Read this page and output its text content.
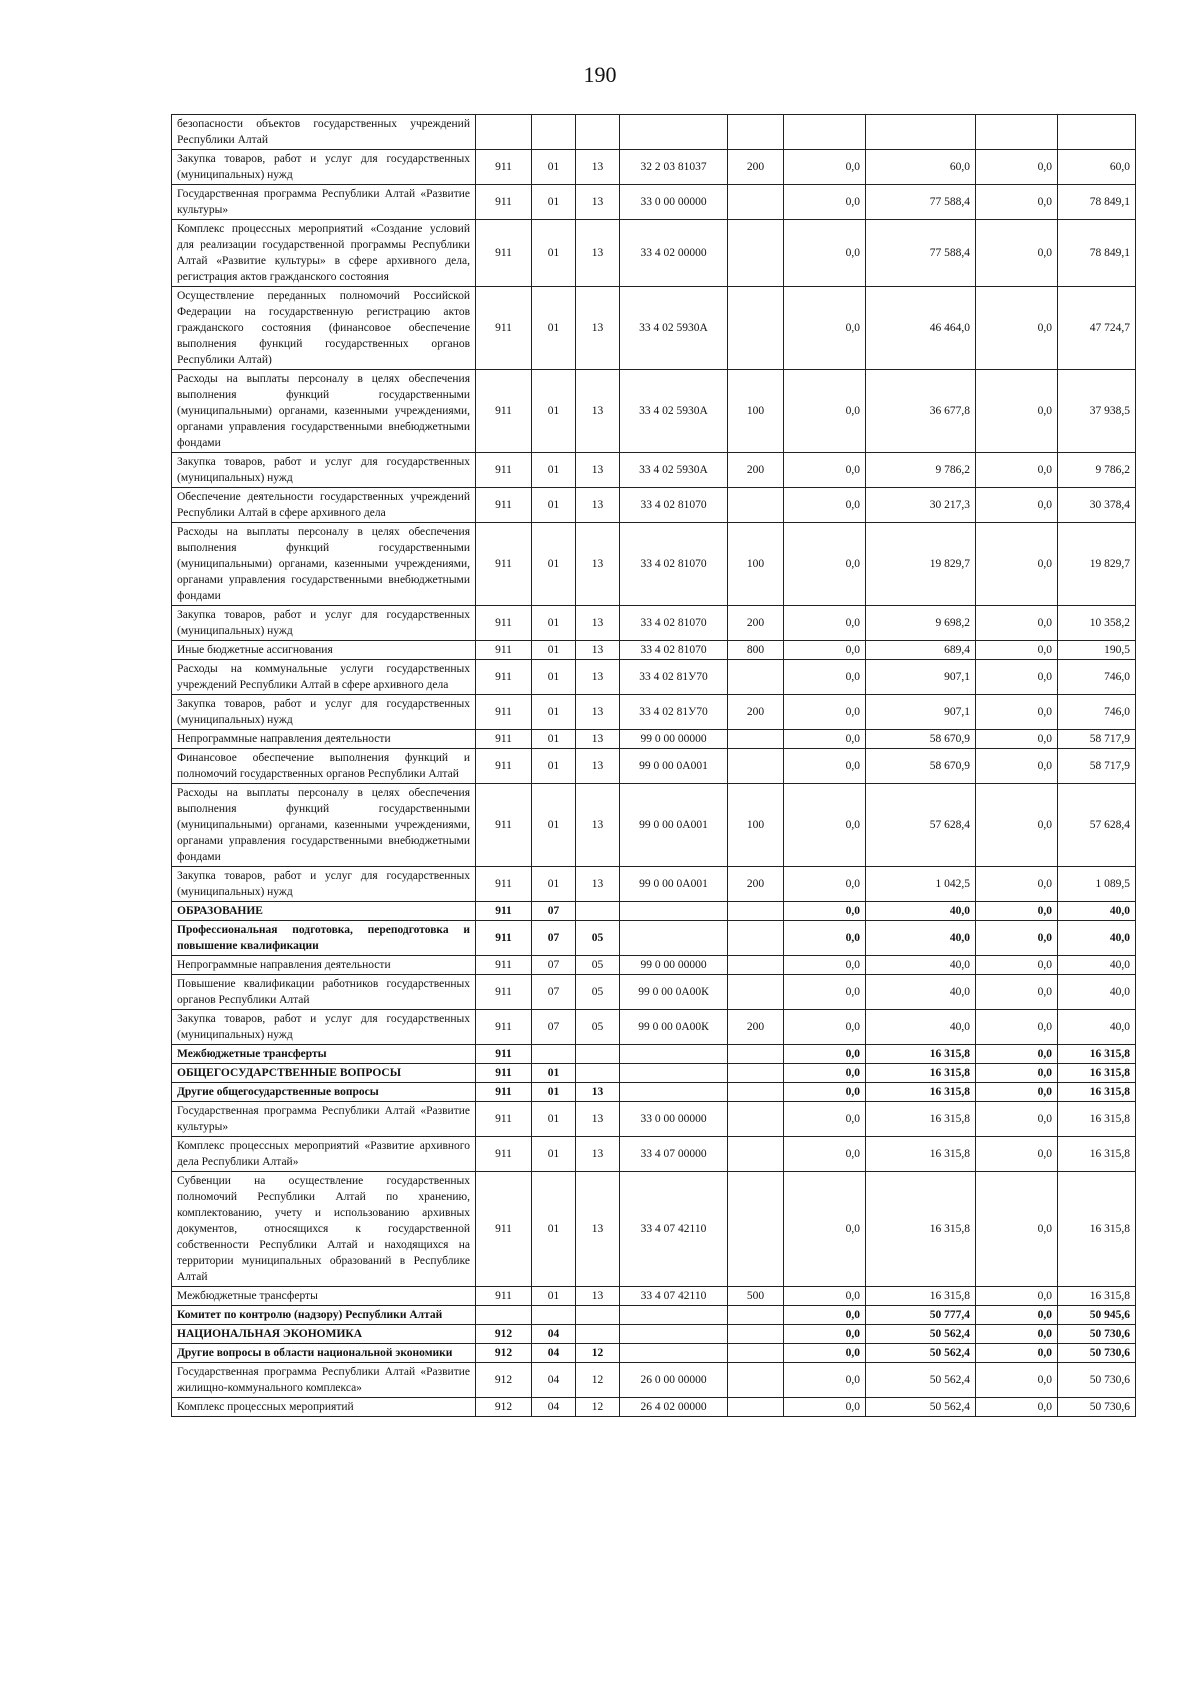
190
безопасности объектов государственных учреждений Республики Алтай									
Закупка товаров, работ и услуг для государственных (муниципальных) нужд	911	01	13	32 2 03 81037	200	0,0	60,0	0,0	60,0
Государственная программа Республики Алтай «Развитие культуры»	911	01	13	33 0 00 00000		0,0	77 588,4	0,0	78 849,1
Комплекс процессных мероприятий «Создание условий для реализации государственной программы Республики Алтай «Развитие культуры» в сфере архивного дела, регистрация актов гражданского состояния	911	01	13	33 4 02 00000		0,0	77 588,4	0,0	78 849,1
Осуществление переданных полномочий Российской Федерации на государственную регистрацию актов гражданского состояния (финансовое обеспечение выполнения функций государственных органов Республики Алтай)	911	01	13	33 4 02 5930А		0,0	46 464,0	0,0	47 724,7
Расходы на выплаты персоналу в целях обеспечения выполнения функций государственными (муниципальными) органами, казенными учреждениями, органами управления государственными внебюджетными фондами	911	01	13	33 4 02 5930А	100	0,0	36 677,8	0,0	37 938,5
Закупка товаров, работ и услуг для государственных (муниципальных) нужд	911	01	13	33 4 02 5930А	200	0,0	9 786,2	0,0	9 786,2
Обеспечение деятельности государственных учреждений Республики Алтай в сфере архивного дела	911	01	13	33 4 02 81070		0,0	30 217,3	0,0	30 378,4
Расходы на выплаты персоналу в целях обеспечения выполнения функций государственными (муниципальными) органами, казенными учреждениями, органами управления государственными внебюджетными фондами	911	01	13	33 4 02 81070	100	0,0	19 829,7	0,0	19 829,7
Закупка товаров, работ и услуг для государственных (муниципальных) нужд	911	01	13	33 4 02 81070	200	0,0	9 698,2	0,0	10 358,2
Иные бюджетные ассигнования	911	01	13	33 4 02 81070	800	0,0	689,4	0,0	190,5
Расходы на коммунальные услуги государственных учреждений Республики Алтай в сфере архивного дела	911	01	13	33 4 02 81У70		0,0	907,1	0,0	746,0
Закупка товаров, работ и услуг для государственных (муниципальных) нужд	911	01	13	33 4 02 81У70	200	0,0	907,1	0,0	746,0
Непрограммные направления деятельности	911	01	13	99 0 00 00000		0,0	58 670,9	0,0	58 717,9
Финансовое обеспечение выполнения функций и полномочий государственных органов Республики Алтай	911	01	13	99 0 00 0А001		0,0	58 670,9	0,0	58 717,9
Расходы на выплаты персоналу в целях обеспечения выполнения функций государственными (муниципальными) органами, казенными учреждениями, органами управления государственными внебюджетными фондами	911	01	13	99 0 00 0А001	100	0,0	57 628,4	0,0	57 628,4
Закупка товаров, работ и услуг для государственных (муниципальных) нужд	911	01	13	99 0 00 0А001	200	0,0	1 042,5	0,0	1 089,5
ОБРАЗОВАНИЕ	911	07				0,0	40,0	0,0	40,0
Профессиональная подготовка, переподготовка и повышение квалификации	911	07	05			0,0	40,0	0,0	40,0
Непрограммные направления деятельности	911	07	05	99 0 00 00000		0,0	40,0	0,0	40,0
Повышение квалификации работников государственных органов Республики Алтай	911	07	05	99 0 00 0А00К		0,0	40,0	0,0	40,0
Закупка товаров, работ и услуг для государственных (муниципальных) нужд	911	07	05	99 0 00 0А00К	200	0,0	40,0	0,0	40,0
Межбюджетные трансферты	911					0,0	16 315,8	0,0	16 315,8
ОБЩЕГОСУДАРСТВЕННЫЕ ВОПРОСЫ	911	01				0,0	16 315,8	0,0	16 315,8
Другие общегосударственные вопросы	911	01	13			0,0	16 315,8	0,0	16 315,8
Государственная программа Республики Алтай «Развитие культуры»	911	01	13	33 0 00 00000		0,0	16 315,8	0,0	16 315,8
Комплекс процессных мероприятий «Развитие архивного дела Республики Алтай»	911	01	13	33 4 07 00000		0,0	16 315,8	0,0	16 315,8
Субвенции на осуществление государственных полномочий Республики Алтай по хранению, комплектованию, учету и использованию архивных документов, относящихся к государственной собственности Республики Алтай и находящихся на территории муниципальных образований в Республике Алтай	911	01	13	33 4 07 42110		0,0	16 315,8	0,0	16 315,8
Межбюджетные трансферты	911	01	13	33 4 07 42110	500	0,0	16 315,8	0,0	16 315,8
Комитет по контролю (надзору) Республики Алтай						0,0	50 777,4	0,0	50 945,6
НАЦИОНАЛЬНАЯ ЭКОНОМИКА	912	04				0,0	50 562,4	0,0	50 730,6
Другие вопросы в области национальной экономики	912	04	12			0,0	50 562,4	0,0	50 730,6
Государственная программа Республики Алтай «Развитие жилищно-коммунального комплекса»	912	04	12	26 0 00 00000		0,0	50 562,4	0,0	50 730,6
Комплекс процессных мероприятий	912	04	12	26 4 02 00000		0,0	50 562,4	0,0	50 730,6
